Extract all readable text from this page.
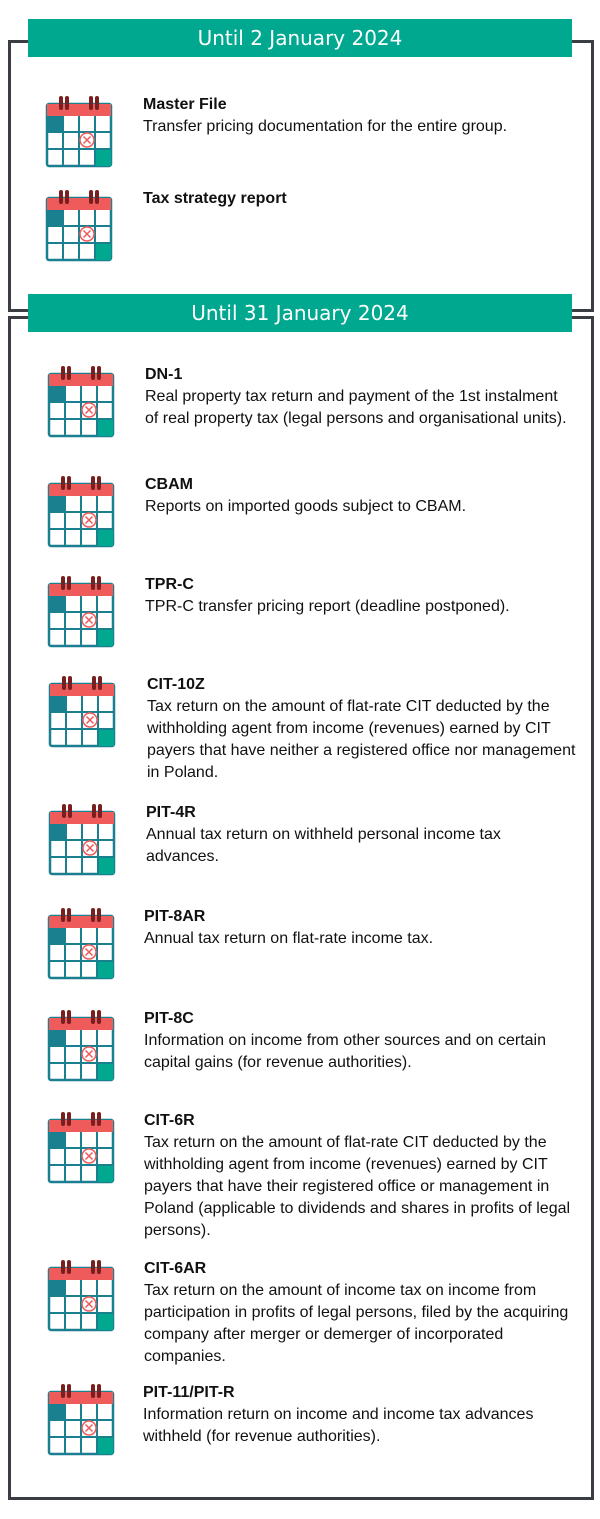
Until 2 January 2024
Until 31 January 2024
Master File
Transfer pricing documentation for the entire group.
Tax strategy report
DN-1
Real property tax return and payment of the 1st instalment of real property tax (legal persons and organisational units).
CBAM
Reports on imported goods subject to CBAM.
TPR-C
TPR-C transfer pricing report (deadline postponed).
CIT-10Z
Tax return on the amount of flat-rate CIT deducted by the withholding agent from income (revenues) earned by CIT payers that have neither a registered office nor management in Poland.
PIT-4R
Annual tax return on withheld personal income tax advances.
PIT-8AR
Annual tax return on flat-rate income tax.
PIT-8C
Information on income from other sources and on certain capital gains (for revenue authorities).
CIT-6R
Tax return on the amount of flat-rate CIT deducted by the withholding agent from income (revenues) earned by CIT payers that have their registered office or management in Poland (applicable to dividends and shares in profits of legal persons).
CIT-6AR
Tax return on the amount of income tax on income from participation in profits of legal persons, filed by the acquiring company after merger or demerger of incorporated companies.
PIT-11/PIT-R
Information return on income and income tax advances withheld (for revenue authorities).
